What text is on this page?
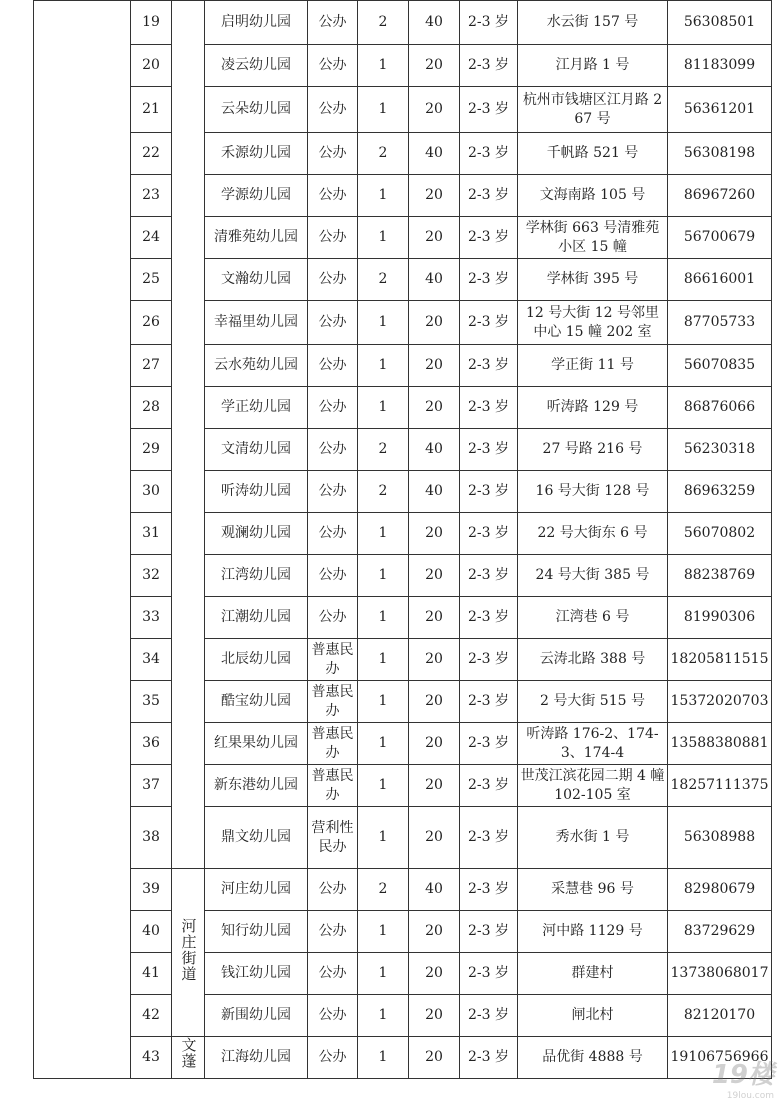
	19		启明幼儿园	公办	2	40	2-3 岁	水云街 157 号	56308501
	20		凌云幼儿园	公办	1	20	2-3 岁	江月路 1 号	81183099
	21		云朵幼儿园	公办	1	20	2-3 岁	杭州市钱塘区江月路 267 号	56361201
	22		禾源幼儿园	公办	2	40	2-3 岁	千帆路 521 号	56308198
	23		学源幼儿园	公办	1	20	2-3 岁	文海南路 105 号	86967260
	24		清雅苑幼儿园	公办	1	20	2-3 岁	学林街 663 号清雅苑小区 15 幢	56700679
	25		文瀚幼儿园	公办	2	40	2-3 岁	学林街 395 号	86616001
	26		幸福里幼儿园	公办	1	20	2-3 岁	12 号大街 12 号邻里中心 15 幢 202 室	87705733
	27		云水苑幼儿园	公办	1	20	2-3 岁	学正街 11 号	56070835
	28		学正幼儿园	公办	1	20	2-3 岁	听涛路 129 号	86876066
	29		文清幼儿园	公办	2	40	2-3 岁	27 号路 216 号	56230318
	30		听涛幼儿园	公办	2	40	2-3 岁	16 号大街 128 号	86963259
	31		观澜幼儿园	公办	1	20	2-3 岁	22 号大街东 6 号	56070802
	32		江湾幼儿园	公办	1	20	2-3 岁	24 号大街 385 号	88238769
	33		江潮幼儿园	公办	1	20	2-3 岁	江湾巷 6 号	81990306
	34		北辰幼儿园	普惠民办	1	20	2-3 岁	云涛北路 388 号	18205811515
	35		酷宝幼儿园	普惠民办	1	20	2-3 岁	2 号大街 515 号	15372020703
	36		红果果幼儿园	普惠民办	1	20	2-3 岁	听涛路 176-2、174-3、174-4	13588380881
	37		新东港幼儿园	普惠民办	1	20	2-3 岁	世茂江滨花园二期 4 幢 102-105 室	18257111375
	38		鼎文幼儿园	营利性民办	1	20	2-3 岁	秀水街 1 号	56308988
	39	河庄街道	河庄幼儿园	公办	2	40	2-3 岁	采慧巷 96 号	82980679
	40		知行幼儿园	公办	1	20	2-3 岁	河中路 1129 号	83729629
	41		钱江幼儿园	公办	1	20	2-3 岁	群建村	13738068017
	42		新围幼儿园	公办	1	20	2-3 岁	闸北村	82120170
	43	文蓬	江海幼儿园	公办	1	20	2-3 岁	品优街 4888 号	19106756966
19楼
19lou.com
